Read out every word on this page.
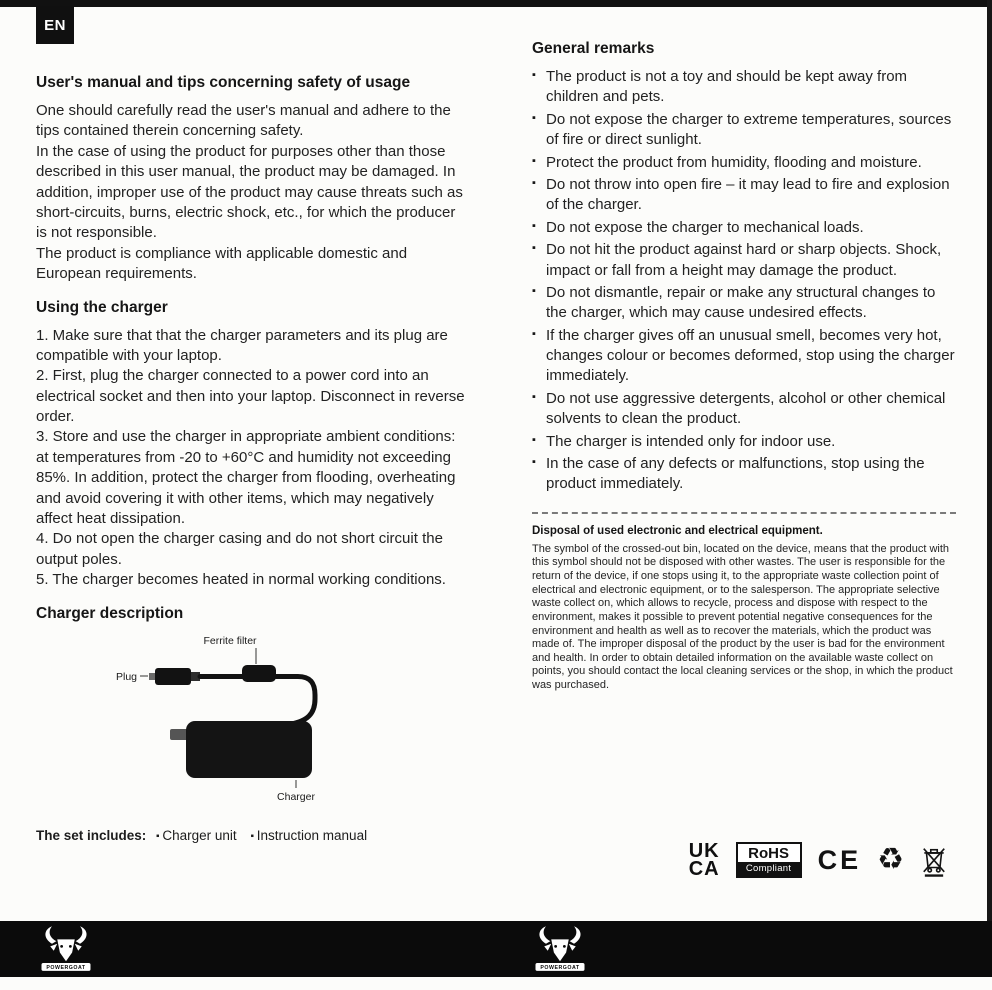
EN
User's manual and tips concerning safety of usage

One should carefully read the user's manual and adhere to the tips contained therein concerning safety.

In the case of using the product for purposes other than those described in this user manual, the product may be damaged. In addition, improper use of the product may cause threats such as short-circuits, burns, electric shock, etc., for which the producer is not responsible.

The product is compliance with applicable domestic and European requirements.

Using the charger

1. Make sure that that the charger parameters and its plug are compatible with your laptop.

2. First, plug the charger connected to a power cord into an electrical socket and then into your laptop. Disconnect in reverse order.

3. Store and use the charger in appropriate ambient conditions: at temperatures from -20 to +60°C and humidity not exceeding 85%. In addition, protect the charger from flooding, overheating and avoid covering it with other items, which may negatively affect heat dissipation.

4. Do not open the charger casing and do not short circuit the output poles.

5. The charger becomes heated in normal working conditions.

Charger description
Ferrite filter
Plug
Charger

The set includes: ▪ Charger unit ▪ Instruction manual

General remarks
▪ The product is not a toy and should be kept away from children and pets.
▪ Do not expose the charger to extreme temperatures, sources of fire or direct sunlight.
▪ Protect the product from humidity, flooding and moisture.
▪ Do not throw into open fire – it may lead to fire and explosion of the charger.
▪ Do not expose the charger to mechanical loads.
▪ Do not hit the product against hard or sharp objects. Shock, impact or fall from a height may damage the product.
▪ Do not dismantle, repair or make any structural changes to the charger, which may cause undesired effects.
▪ If the charger gives off an unusual smell, becomes very hot, changes colour or becomes deformed, stop using the charger immediately.
▪ Do not use aggressive detergents, alcohol or other chemical solvents to clean the product.
▪ The charger is intended only for indoor use.
▪ In the case of any defects or malfunctions, stop using the product immediately.
Disposal of used electronic and electrical equipment.
The symbol of the crossed-out bin, located on the device, means that the product with this symbol should not be disposed with other wastes. The user is responsible for the return of the device, if one stops using it, to the appropriate waste collection point of electrical and electronic equipment, or to the salesperson. The appropriate selective waste collect on, which allows to recycle, process and dispose with respect to the environment, makes it possible to prevent potential negative consequences for the environment and health as well as to recover the materials, which the product was made of. The improper disposal of the product by the user is bad for the environment and health. In order to obtain detailed information on the available waste collect on points, you should contact the local cleaning services or the shop, in which the product was purchased.
UK
CA
RoHS
Compliant CE ♻
POWERGOAT	POWERGOAT
